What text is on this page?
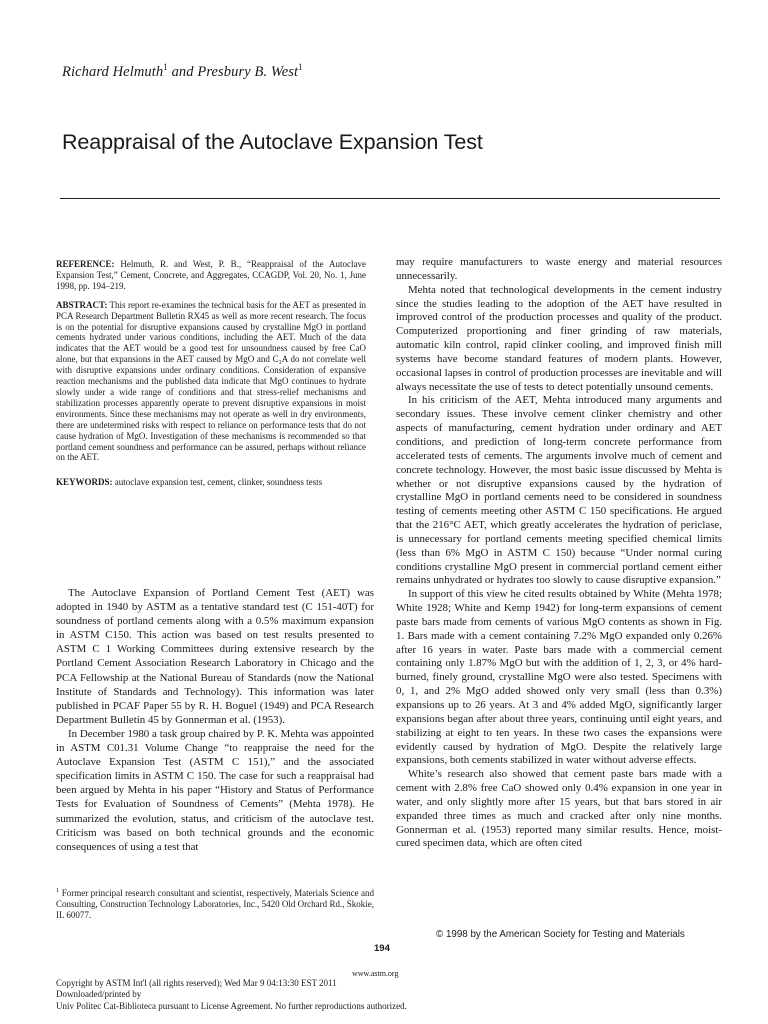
Richard Helmuth$^1$ and Presbury B. West$^1$
Reappraisal of the Autoclave Expansion Test

REFERENCE: Helmuth, R. and West, P. B., “Reappraisal of the Autoclave Expansion Test,” Cement, Concrete, and Aggregates, CCAGDP, Vol. 20, No. 1, June 1998, pp. 194–219.

ABSTRACT: This report re-examines the technical basis for the AET as presented in PCA Research Department Bulletin RX45 as well as more recent research. The focus is on the potential for disruptive expansions caused by crystalline MgO in portland cements hydrated under various conditions, including the AET. Much of the data indicates that the AET would be a good test for unsoundness caused by free CaO alone, but that expansions in the AET caused by MgO and C₃A do not correlate well with disruptive expansions under ordinary conditions. Consideration of expansive reaction mechanisms and the published data indicate that MgO continues to hydrate slowly under a wide range of conditions and that stress-relief mechanisms and stabilization processes apparently operate to prevent disruptive expansions in moist environments. Since these mechanisms may not operate as well in dry environments, there are undetermined risks with respect to reliance on performance tests that do not cause hydration of MgO. Investigation of these mechanisms is recommended so that portland cement soundness and performance can be assured, perhaps without reliance on the AET.

KEYWORDS: autoclave expansion test, cement, clinker, soundness tests

The Autoclave Expansion of Portland Cement Test (AET) was adopted in 1940 by ASTM as a tentative standard test (C 151-40T) for soundness of portland cements along with a 0.5% maximum expansion in ASTM C150. This action was based on test results presented to ASTM C 1 Working Committees during extensive research by the Portland Cement Association Research Laboratory in Chicago and the PCA Fellowship at the National Bureau of Standards (now the National Institute of Standards and Technology). This information was later published in PCAF Paper 55 by R. H. Boguel (1949) and PCA Research Department Bulletin 45 by Gonnerman et al. (1953).

In December 1980 a task group chaired by P. K. Mehta was appointed in ASTM C01.31 Volume Change “to reappraise the need for the Autoclave Expansion Test (ASTM C 151),” and the associated specification limits in ASTM C 150. The case for such a reappraisal had been argued by Mehta in his paper “History and Status of Performance Tests for Evaluation of Soundness of Cements” (Mehta 1978). He summarized the evolution, status, and criticism of the autoclave test. Criticism was based on both technical grounds and the economic consequences of using a test that

$^1$ Former principal research consultant and scientist, respectively, Materials Science and Consulting, Construction Technology Laboratories, Inc., 5420 Old Orchard Rd., Skokie, IL 60077.

may require manufacturers to waste energy and material resources unnecessarily.

Mehta noted that technological developments in the cement industry since the studies leading to the adoption of the AET have resulted in improved control of the production processes and quality of the product. Computerized proportioning and finer grinding of raw materials, automatic kiln control, rapid clinker cooling, and improved finish mill systems have become standard features of modern plants. However, occasional lapses in control of production processes are inevitable and will always necessitate the use of tests to detect potentially unsound cements.

In his criticism of the AET, Mehta introduced many arguments and secondary issues. These involve cement clinker chemistry and other aspects of manufacturing, cement hydration under ordinary and AET conditions, and prediction of long-term concrete performance from accelerated tests of cements. The arguments involve much of cement and concrete technology. However, the most basic issue discussed by Mehta is whether or not disruptive expansions caused by the hydration of crystalline MgO in portland cements need to be considered in soundness testing of cements meeting other ASTM C 150 specifications. He argued that the 216°C AET, which greatly accelerates the hydration of periclase, is unnecessary for portland cements meeting specified chemical limits (less than 6% MgO in ASTM C 150) because “Under normal curing conditions crystalline MgO present in commercial portland cement either remains unhydrated or hydrates too slowly to cause disruptive expansion.”

In support of this view he cited results obtained by White (Mehta 1978; White 1928; White and Kemp 1942) for long-term expansions of cement paste bars made from cements of various MgO contents as shown in Fig. 1. Bars made with a cement containing 7.2% MgO expanded only 0.26% after 16 years in water. Paste bars made with a commercial cement containing only 1.87% MgO but with the addition of 1, 2, 3, or 4% hard-burned, finely ground, crystalline MgO were also tested. Specimens with 0, 1, and 2% MgO added showed only very small (less than 0.3%) expansions up to 26 years. At 3 and 4% added MgO, significantly larger expansions began after about three years, continuing until eight years, and stabilizing at eight to ten years. In these two cases the expansions were evidently caused by hydration of MgO. Despite the relatively large expansions, both cements stabilized in water without adverse effects.

White’s research also showed that cement paste bars made with a cement with 2.8% free CaO showed only 0.4% expansion in one year in water, and only slightly more after 15 years, but that bars stored in air expanded three times as much and cracked after only nine months. Gonnerman et al. (1953) reported many similar results. Hence, moist-cured specimen data, which are often cited

© 1998 by the American Society for Testing and Materials
194
www.astm.org
Copyright by ASTM Int'l (all rights reserved); Wed Mar 9 04:13:30 EST 2011
Downloaded/printed by
Univ Politec Cat-Biblioteca pursuant to License Agreement. No further reproductions authorized.
